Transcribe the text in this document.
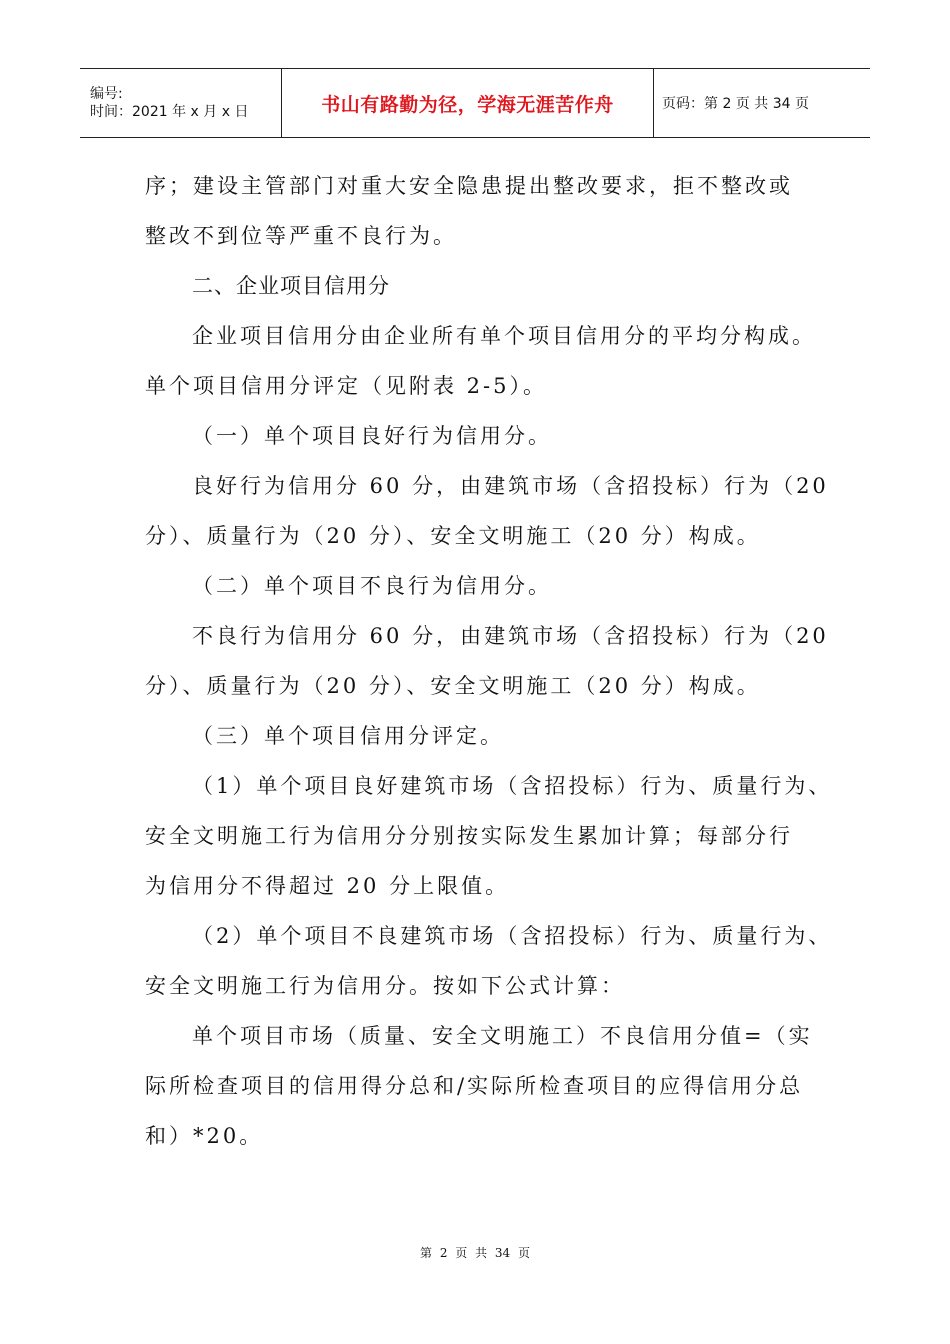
编号:
时间：2021 年 x 月 x 日	书山有路勤为径，学海无涯苦作舟	页码：第 2 页 共 34 页
序；建设主管部门对重大安全隐患提出整改要求，拒不整改或
整改不到位等严重不良行为。
二、企业项目信用分
企业项目信用分由企业所有单个项目信用分的平均分构成。
单个项目信用分评定（见附表 2-5）。
（一）单个项目良好行为信用分。
良好行为信用分 60 分，由建筑市场（含招投标）行为（20
分）、质量行为（20 分）、安全文明施工（20 分）构成。
（二）单个项目不良行为信用分。
不良行为信用分 60 分，由建筑市场（含招投标）行为（20
分）、质量行为（20 分）、安全文明施工（20 分）构成。
（三）单个项目信用分评定。
（1）单个项目良好建筑市场（含招投标）行为、质量行为、
安全文明施工行为信用分分别按实际发生累加计算；每部分行
为信用分不得超过 20 分上限值。
（2）单个项目不良建筑市场（含招投标）行为、质量行为、
安全文明施工行为信用分。按如下公式计算：
单个项目市场（质量、安全文明施工）不良信用分值=（实
际所检查项目的信用得分总和/实际所检查项目的应得信用分总
和）*20。
第 2 页 共 34 页
